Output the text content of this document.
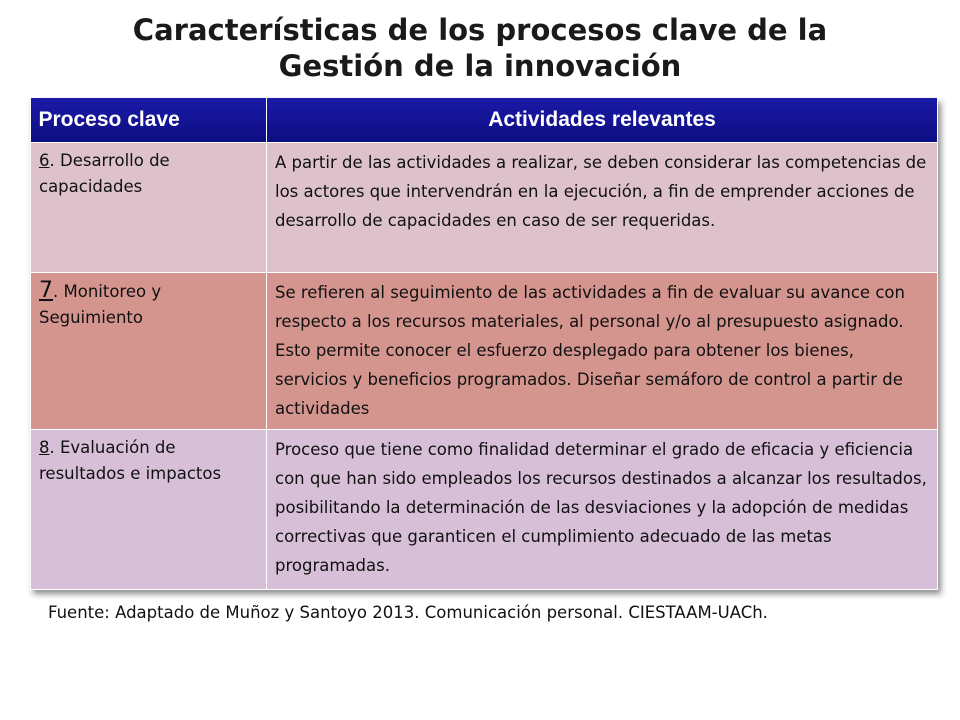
Características de los procesos clave de la
Gestión de la innovación
Proceso clave	Actividades relevantes
6. Desarrollo de capacidades	A partir de las actividades a realizar, se deben considerar las competencias de los actores que intervendrán en la ejecución, a fin de emprender acciones de desarrollo de capacidades en caso de ser requeridas.
7. Monitoreo y Seguimiento	Se refieren al seguimiento de las actividades a fin de evaluar su avance con respecto a los recursos materiales, al personal y/o al presupuesto asignado. Esto permite conocer el esfuerzo desplegado para obtener los bienes, servicios y beneficios programados. Diseñar semáforo de control a partir de actividades
8. Evaluación de resultados e impactos	Proceso que tiene como finalidad determinar el grado de eficacia y eficiencia con que han sido empleados los recursos destinados a alcanzar los resultados, posibilitando la determinación de las desviaciones y la adopción de medidas correctivas que garanticen el cumplimiento adecuado de las metas programadas.
Fuente: Adaptado de Muñoz y Santoyo 2013. Comunicación personal. CIESTAAM-UACh.
